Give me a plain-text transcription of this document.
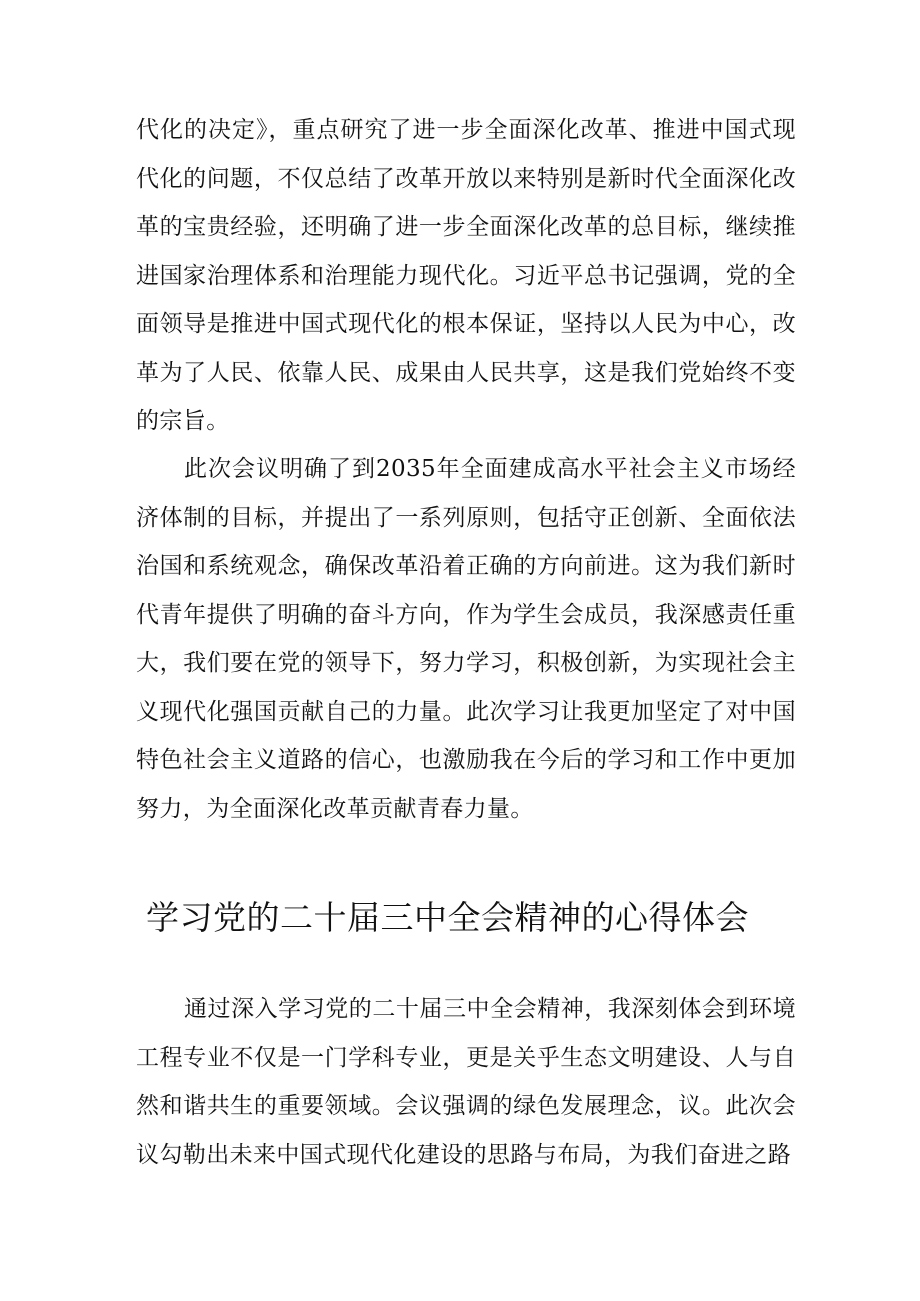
代化的决定》，重点研究了进一步全面深化改革、推进中国式现代化的问题，不仅总结了改革开放以来特别是新时代全面深化改革的宝贵经验，还明确了进一步全面深化改革的总目标，继续推进国家治理体系和治理能力现代化。习近平总书记强调，党的全面领导是推进中国式现代化的根本保证，坚持以人民为中心，改革为了人民、依靠人民、成果由人民共享，这是我们党始终不变的宗旨。

此次会议明确了到2035年全面建成高水平社会主义市场经济体制的目标，并提出了一系列原则，包括守正创新、全面依法治国和系统观念，确保改革沿着正确的方向前进。这为我们新时代青年提供了明确的奋斗方向，作为学生会成员，我深感责任重大，我们要在党的领导下，努力学习，积极创新，为实现社会主义现代化强国贡献自己的力量。此次学习让我更加坚定了对中国特色社会主义道路的信心，也激励我在今后的学习和工作中更加努力，为全面深化改革贡献青春力量。

学习党的二十届三中全会精神的心得体会

通过深入学习党的二十届三中全会精神，我深刻体会到环境工程专业不仅是一门学科专业，更是关乎生态文明建设、人与自然和谐共生的重要领域。会议强调的绿色发展理念，议。此次会议勾勒出未来中国式现代化建设的思路与布局，为我们奋进之路
